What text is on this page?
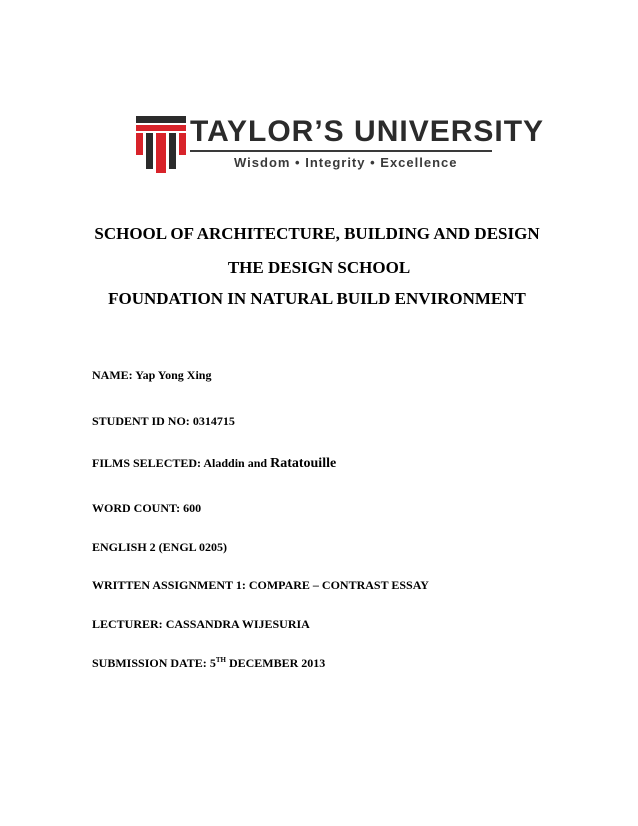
TAYLOR’S UNIVERSITY
Wisdom • Integrity • Excellence
SCHOOL OF ARCHITECTURE, BUILDING AND DESIGN
THE DESIGN SCHOOL
FOUNDATION IN NATURAL BUILD ENVIRONMENT
NAME: Yap Yong Xing
STUDENT ID NO: 0314715
FILMS SELECTED: Aladdin and Ratatouille
WORD COUNT: 600
ENGLISH 2 (ENGL 0205)
WRITTEN ASSIGNMENT 1: COMPARE – CONTRAST ESSAY
LECTURER: CASSANDRA WIJESURIA
SUBMISSION DATE: 5TH DECEMBER 2013
